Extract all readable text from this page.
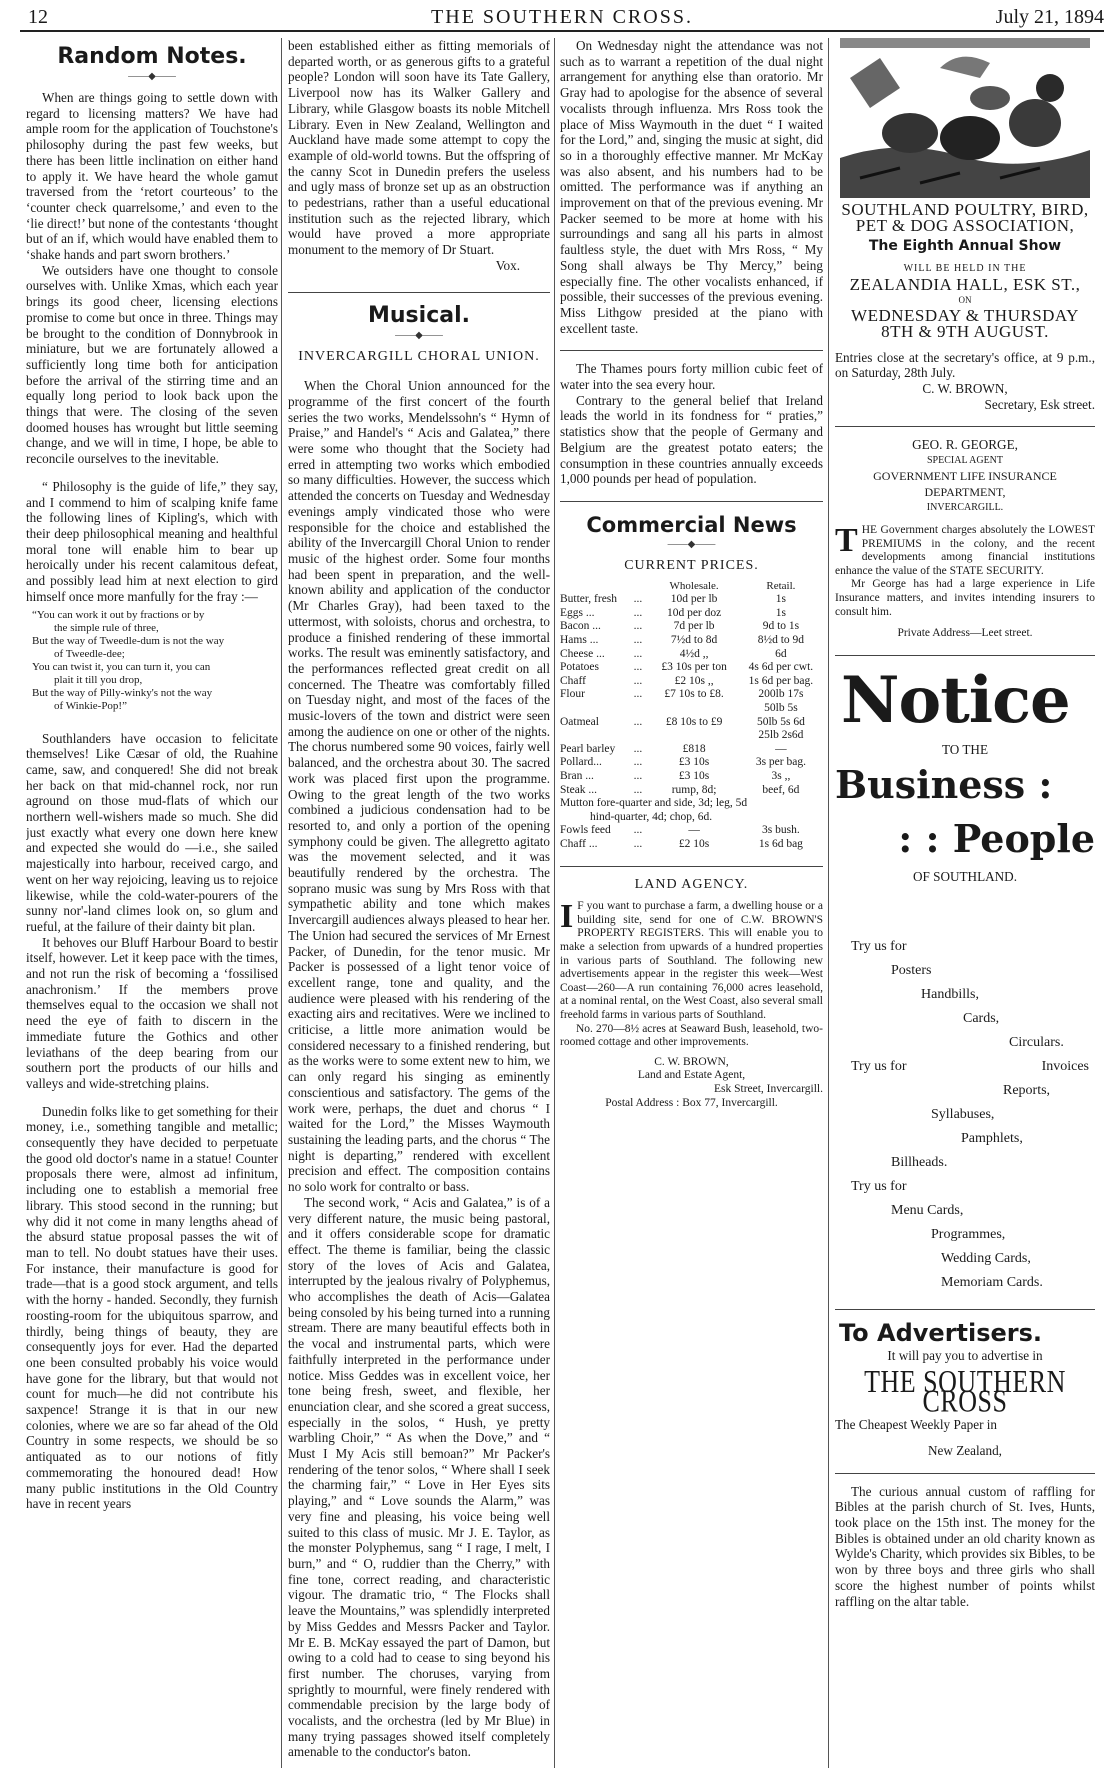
12	THE SOUTHERN CROSS.	July 21, 1894
Random Notes.
——◆——

When are things going to settle down with regard to licensing matters? We have had ample room for the application of Touchstone's philosophy during the past few weeks, but there has been little inclination on either hand to apply it. We have heard the whole gamut traversed from the ‘retort courteous’ to the ‘counter check quarrelsome,’ and even to the ‘lie direct!’ but none of the contestants ‘thought but of an if, which would have enabled them to ‘shake hands and part sworn brothers.’

We outsiders have one thought to console ourselves with. Unlike Xmas, which each year brings its good cheer, licensing elections promise to come but once in three. Things may be brought to the condition of Donnybrook in miniature, but we are fortunately allowed a sufficiently long time both for anticipation before the arrival of the stirring time and an equally long period to look back upon the things that were. The closing of the seven doomed houses has wrought but little seeming change, and we will in time, I hope, be able to reconcile ourselves to the inevitable.

“ Philosophy is the guide of life,” they say, and I commend to him of scalping knife fame the following lines of Kipling's, which with their deep philosophical meaning and healthful moral tone will enable him to bear up heroically under his recent calamitous defeat, and possibly lead him at next election to gird himself once more manfully for the fray :—

“You can work it out by fractions or by
the simple rule of three,
But the way of Tweedle-dum is not the way
of Tweedle-dee;
You can twist it, you can turn it, you can
plait it till you drop,
But the way of Pilly-winky's not the way
of Winkie-Pop!”

Southlanders have occasion to felicitate themselves! Like Cæsar of old, the Ruahine came, saw, and conquered! She did not break her back on that mid-channel rock, nor run aground on those mud-flats of which our northern well-wishers made so much. She did just exactly what every one down here knew and expected she would do —i.e., she sailed majestically into harbour, received cargo, and went on her way rejoicing, leaving us to rejoice likewise, while the cold-water-pourers of the sunny nor'-land climes look on, so glum and rueful, at the failure of their dainty bit plan.

It behoves our Bluff Harbour Board to bestir itself, however. Let it keep pace with the times, and not run the risk of becoming a ‘fossilised anachronism.’ If the members prove themselves equal to the occasion we shall not need the eye of faith to discern in the immediate future the Gothics and other leviathans of the deep bearing from our southern port the products of our hills and valleys and wide-stretching plains.

Dunedin folks like to get something for their money, i.e., something tangible and metallic; consequently they have decided to perpetuate the good old doctor's name in a statue! Counter proposals there were, almost ad infinitum, including one to establish a memorial free library. This stood second in the running; but why did it not come in many lengths ahead of the absurd statue proposal passes the wit of man to tell. No doubt statues have their uses. For instance, their manufacture is good for trade—that is a good stock argument, and tells with the horny - handed. Secondly, they furnish roosting-room for the ubiquitous sparrow, and thirdly, being things of beauty, they are consequently joys for ever. Had the departed one been consulted probably his voice would have gone for the library, but that would not count for much—he did not contribute his saxpence! Strange it is that in our new colonies, where we are so far ahead of the Old Country in some respects, we should be so antiquated as to our notions of fitly commemorating the honoured dead! How many public institutions in the Old Country have in recent years

been established either as fitting memorials of departed worth, or as generous gifts to a grateful people? London will soon have its Tate Gallery, Liverpool now has its Walker Gallery and Library, while Glasgow boasts its noble Mitchell Library. Even in New Zealand, Wellington and Auckland have made some attempt to copy the example of old-world towns. But the offspring of the canny Scot in Dunedin prefers the useless and ugly mass of bronze set up as an obstruction to pedestrians, rather than a useful educational institution such as the rejected library, which would have proved a more appropriate monument to the memory of Dr Stuart.

Vox.
Musical.
——◆——
INVERCARGILL CHORAL UNION.

When the Choral Union announced for the programme of the first concert of the fourth series the two works, Mendelssohn's “ Hymn of Praise,” and Handel's “ Acis and Galatea,” there were some who thought that the Society had erred in attempting two works which embodied so many difficulties. However, the success which attended the concerts on Tuesday and Wednesday evenings amply vindicated those who were responsible for the choice and established the ability of the Invercargill Choral Union to render music of the highest order. Some four months had been spent in preparation, and the well-known ability and application of the conductor (Mr Charles Gray), had been taxed to the uttermost, with soloists, chorus and orchestra, to produce a finished rendering of these immortal works. The result was eminently satisfactory, and the performances reflected great credit on all concerned. The Theatre was comfortably filled on Tuesday night, and most of the faces of the music-lovers of the town and district were seen among the audience on one or other of the nights. The chorus numbered some 90 voices, fairly well balanced, and the orchestra about 30. The sacred work was placed first upon the programme. Owing to the great length of the two works combined a judicious condensation had to be resorted to, and only a portion of the opening symphony could be given. The allegretto agitato was the movement selected, and it was beautifully rendered by the orchestra. The soprano music was sung by Mrs Ross with that sympathetic ability and tone which makes Invercargill audiences always pleased to hear her. The Union had secured the services of Mr Ernest Packer, of Dunedin, for the tenor music. Mr Packer is possessed of a light tenor voice of excellent range, tone and quality, and the audience were pleased with his rendering of the exacting airs and recitatives. Were we inclined to criticise, a little more animation would be considered necessary to a finished rendering, but as the works were to some extent new to him, we can only regard his singing as eminently conscientious and satisfactory. The gems of the work were, perhaps, the duet and chorus “ I waited for the Lord,” the Misses Waymouth sustaining the leading parts, and the chorus “ The night is departing,” rendered with excellent precision and effect. The composition contains no solo work for contralto or bass.

The second work, “ Acis and Galatea,” is of a very different nature, the music being pastoral, and it offers considerable scope for dramatic effect. The theme is familiar, being the classic story of the loves of Acis and Galatea, interrupted by the jealous rivalry of Polyphemus, who accomplishes the death of Acis—Galatea being consoled by his being turned into a running stream. There are many beautiful effects both in the vocal and instrumental parts, which were faithfully interpreted in the performance under notice. Miss Geddes was in excellent voice, her tone being fresh, sweet, and flexible, her enunciation clear, and she scored a great success, especially in the solos, “ Hush, ye pretty warbling Choir,” “ As when the Dove,” and “ Must I My Acis still bemoan?” Mr Packer's rendering of the tenor solos, “ Where shall I seek the charming fair,” “ Love in Her Eyes sits playing,” and “ Love sounds the Alarm,” was very fine and pleasing, his voice being well suited to this class of music. Mr J. E. Taylor, as the monster Polyphemus, sang “ I rage, I melt, I burn,” and “ O, ruddier than the Cherry,” with fine tone, correct reading, and characteristic vigour. The dramatic trio, “ The Flocks shall leave the Mountains,” was splendidly interpreted by Miss Geddes and Messrs Packer and Taylor. Mr E. B. McKay essayed the part of Damon, but owing to a cold had to cease to sing beyond his first number. The choruses, varying from sprightly to mournful, were finely rendered with commendable precision by the large body of vocalists, and the orchestra (led by Mr Blue) in many trying passages showed itself completely amenable to the conductor's baton.

On Wednesday night the attendance was not such as to warrant a repetition of the dual night arrangement for anything else than oratorio. Mr Gray had to apologise for the absence of several vocalists through influenza. Mrs Ross took the place of Miss Waymouth in the duet “ I waited for the Lord,” and, singing the music at sight, did so in a thoroughly effective manner. Mr McKay was also absent, and his numbers had to be omitted. The performance was if anything an improvement on that of the previous evening. Mr Packer seemed to be more at home with his surroundings and sang all his parts in almost faultless style, the duet with Mrs Ross, “ My Song shall always be Thy Mercy,” being especially fine. The other vocalists enhanced, if possible, their successes of the previous evening. Miss Lithgow presided at the piano with excellent taste.

The Thames pours forty million cubic feet of water into the sea every hour.

Contrary to the general belief that Ireland leads the world in its fondness for “ praties,” statistics show that the people of Germany and Belgium are the greatest potato eaters; the consumption in these countries annually exceeds 1,000 pounds per head of population.

Commercial News
——◆——
CURRENT PRICES.
		Wholesale.	Retail.
Butter, fresh	...	10d per lb	1s
Eggs ...	...	10d per doz	1s
Bacon ...	...	7d per lb	9d to 1s
Hams ...	...	7½d to 8d	8½d to 9d
Cheese ...	...	4½d ,,	6d
Potatoes	...	£3 10s per ton	4s 6d per cwt.
Chaff	...	£2 10s ,,	1s 6d per bag.
Flour	...	£7 10s to £8.	200lb 17s
			50lb 5s
Oatmeal	...	£8 10s to £9	50lb 5s 6d
			25lb 2s6d
Pearl barley	...	£818	—
Pollard...	...	£3 10s	3s per bag.
Bran ...	...	£3 10s	3s ,,
Steak ...	...	rump, 8d;	beef, 6d
Mutton fore-quarter and side, 3d; leg, 5d			
hind-quarter, 4d; chop, 6d.			
Fowls feed	...	—	3s bush.
Chaff ...	...	£2 10s	1s 6d bag
LAND AGENCY.
I F you want to purchase a farm, a dwelling house or a building site, send for one of C.W. BROWN'S PROPERTY REGISTERS. This will enable you to make a selection from upwards of a hundred properties in various parts of Southland. The following new advertisements appear in the register this week—West Coast—260—A run containing 76,000 acres leasehold, at a nominal rental, on the West Coast, also several small freehold farms in various parts of Southland.

No. 270—8½ acres at Seaward Bush, leasehold, two-roomed cottage and other improvements.

C. W. BROWN,
Land and Estate Agent,
Esk Street, Invercargill.
Postal Address : Box 77, Invercargill.
SOUTHLAND POULTRY, BIRD,
PET & DOG ASSOCIATION,
The Eighth Annual Show
WILL BE HELD IN THE
ZEALANDIA HALL, ESK ST.,
ON
WEDNESDAY & THURSDAY
8TH & 9TH AUGUST.

Entries close at the secretary's office, at 9 p.m., on Saturday, 28th July.

C. W. BROWN,
Secretary, Esk street.
GEO. R. GEORGE,
SPECIAL AGENT
GOVERNMENT LIFE INSURANCE
DEPARTMENT,
INVERCARGILL.
THE Government charges absolutely the LOWEST PREMIUMS in the colony, and the recent developments among financial institutions enhance the value of the STATE SECURITY.

Mr George has had a large experience in Life Insurance matters, and invites intending insurers to consult him.

Private Address—Leet street.
Notice
TO THE
Business :
: : People
OF SOUTHLAND.
Try us for
Posters
Handbills,
Cards,
Circulars.
Try us for	Invoices
Reports,
Syllabuses,
Pamphlets,
Billheads.
Try us for
Menu Cards,
Programmes,
Wedding Cards,
Memoriam Cards.
To Advertisers.
It will pay you to advertise in
THE SOUTHERN CROSS
The Cheapest Weekly Paper in
New Zealand,

The curious annual custom of raffling for Bibles at the parish church of St. Ives, Hunts, took place on the 15th inst. The money for the Bibles is obtained under an old charity known as Wylde's Charity, which provides six Bibles, to be won by three boys and three girls who shall score the highest number of points whilst raffling on the altar table.
